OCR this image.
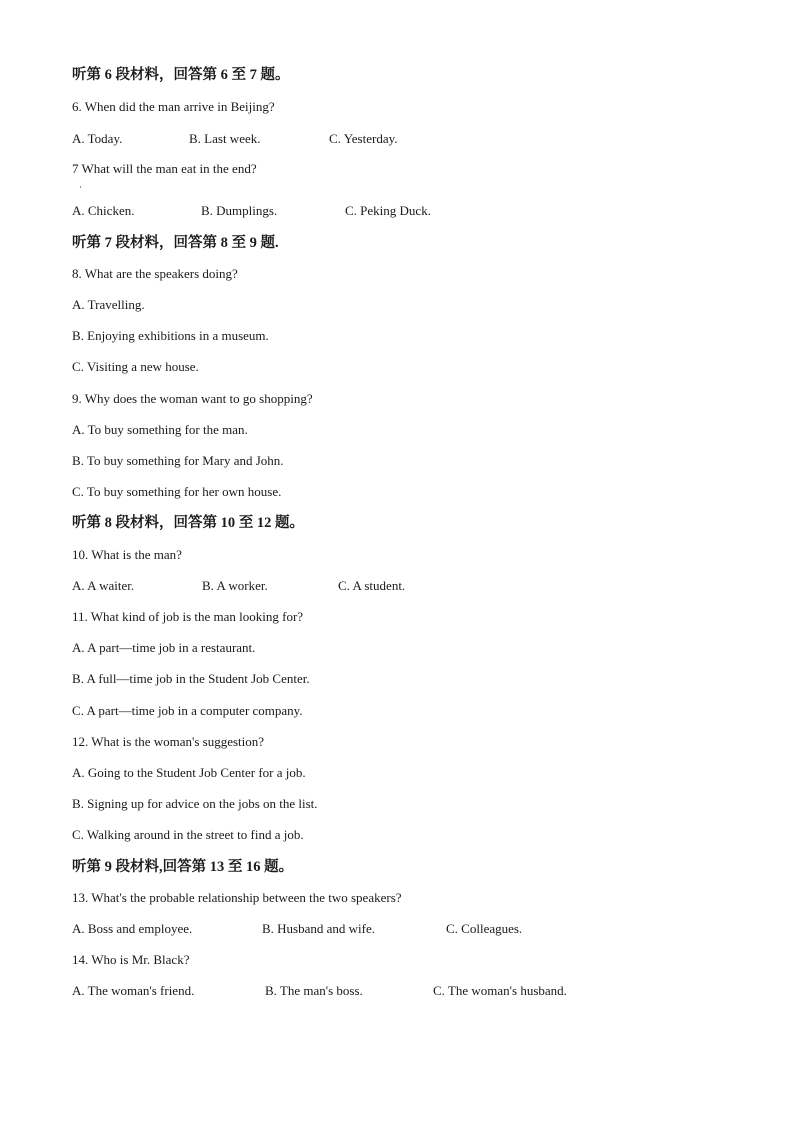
听第 6 段材料，回答第 6 至 7 题。
6. When did the man arrive in Beijing?
A. Today.	B. Last week.	C. Yesterday.
7 What will the man eat in the end?
·
A. Chicken.	B. Dumplings.	C. Peking Duck.
听第 7 段材料，回答第 8 至 9 题.
8. What are the speakers doing?
A. Travelling.
B. Enjoying exhibitions in a museum.
C. Visiting a new house.
9. Why does the woman want to go shopping?
A. To buy something for the man.
B. To buy something for Mary and John.
C. To buy something for her own house.
听第 8 段材料，回答第 10 至 12 题。
10. What is the man?
A. A waiter.	B. A worker.	C. A student.
11. What kind of job is the man looking for?
A. A part—time job in a restaurant.
B. A full—time job in the Student Job Center.
C. A part—time job in a computer company.
12. What is the woman's suggestion?
A. Going to the Student Job Center for a job.
B. Signing up for advice on the jobs on the list.
C. Walking around in the street to find a job.
听第 9 段材料,回答第 13 至 16 题。
13. What's the probable relationship between the two speakers?
A. Boss and employee.	B. Husband and wife.	C. Colleagues.
14. Who is Mr. Black?
A. The woman's friend.	B. The man's boss.	C. The woman's husband.
